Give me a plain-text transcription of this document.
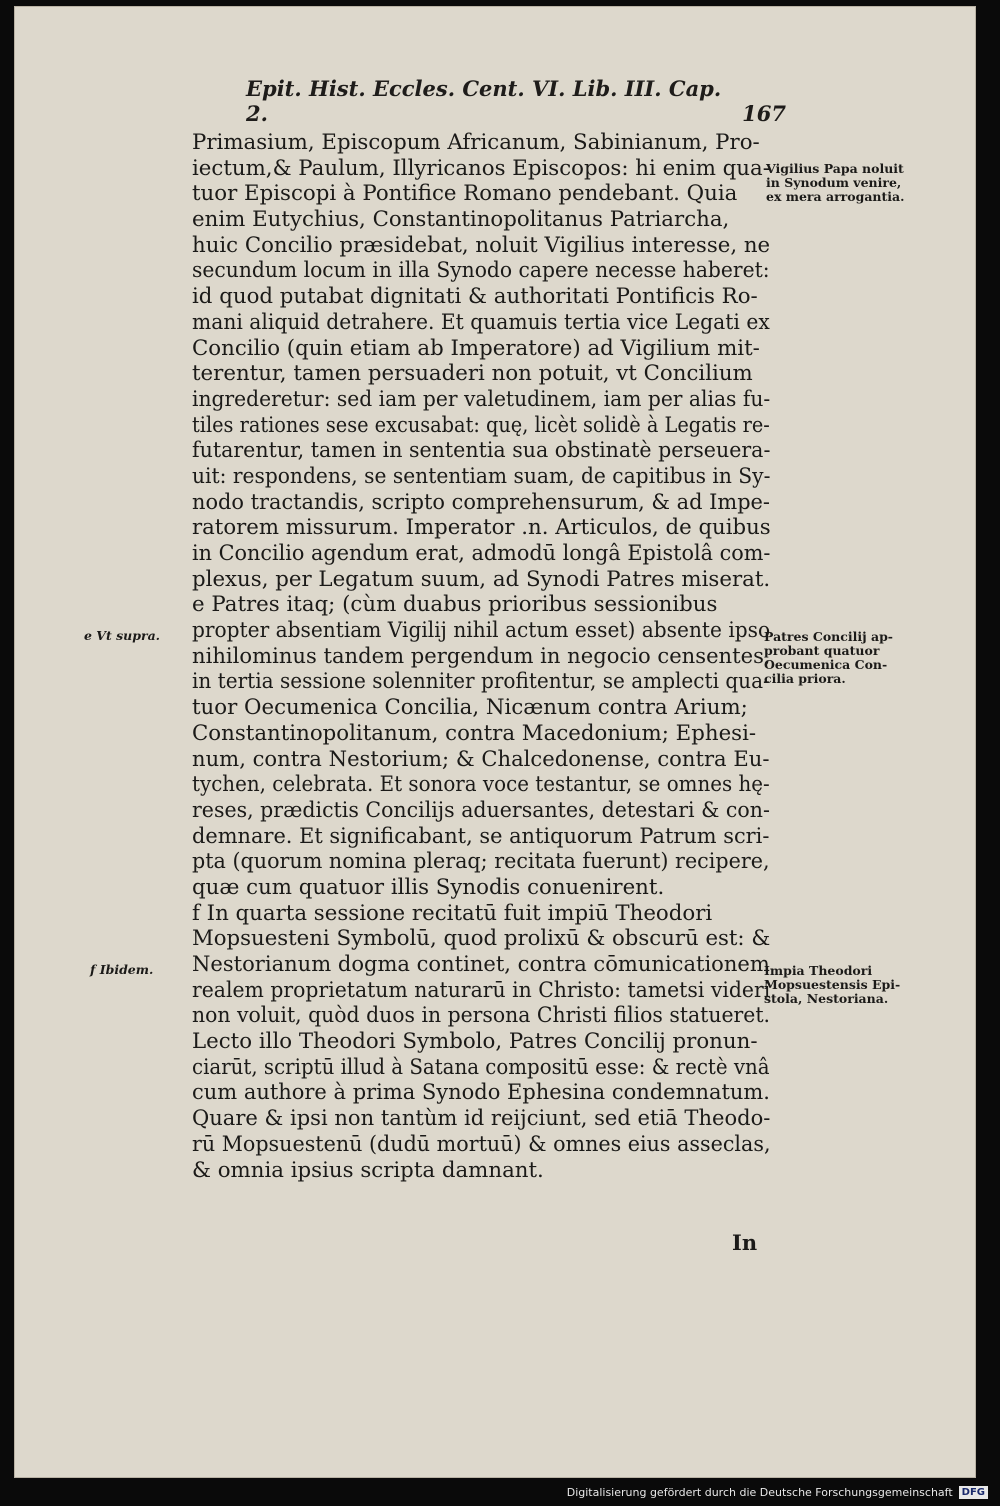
Epit. Hist. Eccles. Cent. VI. Lib. III. Cap. 2.	167
Primasium, Episcopum Africanum, Sabinianum, Pro-
iectum,& Paulum, Illyricanos Episcopos: hi enim qua-
tuor Episcopi à Pontifice Romano pendebant. Quia
enim Eutychius, Constantinopolitanus Patriarcha,
huic Concilio præsidebat, noluit Vigilius interesse, ne
secundum locum in illa Synodo capere necesse haberet:
id quod putabat dignitati & authoritati Pontificis Ro-
mani aliquid detrahere. Et quamuis tertia vice Legati ex
Concilio (quin etiam ab Imperatore) ad Vigilium mit-
terentur, tamen persuaderi non potuit, vt Concilium
ingrederetur: sed iam per valetudinem, iam per alias fu-
tiles rationes sese excusabat: quę, licèt solidè à Legatis re-
futarentur, tamen in sententia sua obstinatè perseuera-
uit: respondens, se sententiam suam, de capitibus in Sy-
nodo tractandis, scripto comprehensurum, & ad Impe-
ratorem missurum. Imperator .n. Articulos, de quibus
in Concilio agendum erat, admodū longâ Epistolâ com-
plexus, per Legatum suum, ad Synodi Patres miserat.
e Patres itaq; (cùm duabus prioribus sessionibus
propter absentiam Vigilij nihil actum esset) absente ipso
nihilominus tandem pergendum in negocio censentes,
in tertia sessione solenniter profitentur, se amplecti qua-
tuor Oecumenica Concilia, Nicænum contra Arium;
Constantinopolitanum, contra Macedonium; Ephesi-
num, contra Nestorium; & Chalcedonense, contra Eu-
tychen, celebrata. Et sonora voce testantur, se omnes hę-
reses, prædictis Concilijs aduersantes, detestari & con-
demnare. Et significabant, se antiquorum Patrum scri-
pta (quorum nomina pleraq; recitata fuerunt) recipere,
quæ cum quatuor illis Synodis conuenirent.
f In quarta sessione recitatū fuit impiū Theodori
Mopsuesteni Symbolū, quod prolixū & obscurū est: &
Nestorianum dogma continet, contra cōmunicationem
realem proprietatum naturarū in Christo: tametsi videri
non voluit, quòd duos in persona Christi filios statueret.
Lecto illo Theodori Symbolo, Patres Concilij pronun-
ciarūt, scriptū illud à Satana compositū esse: & rectè vnâ
cum authore à prima Synodo Ephesina condemnatum.
Quare & ipsi non tantùm id reijciunt, sed etiā Theodo-
rū Mopsuestenū (dudū mortuū) & omnes eius asseclas,
& omnia ipsius scripta damnant.
In
Vigilius Papa noluit
in Synodum venire,
ex mera arrogantia.
Patres Concilij ap-
probant quatuor
Oecumenica Con-
cilia priora.
Impia Theodori
Mopsuestensis Epi-
stola, Nestoriana.
e Vt supra.
f Ibidem.
Digitalisierung gefördert durch die Deutsche Forschungsgemeinschaft DFG
